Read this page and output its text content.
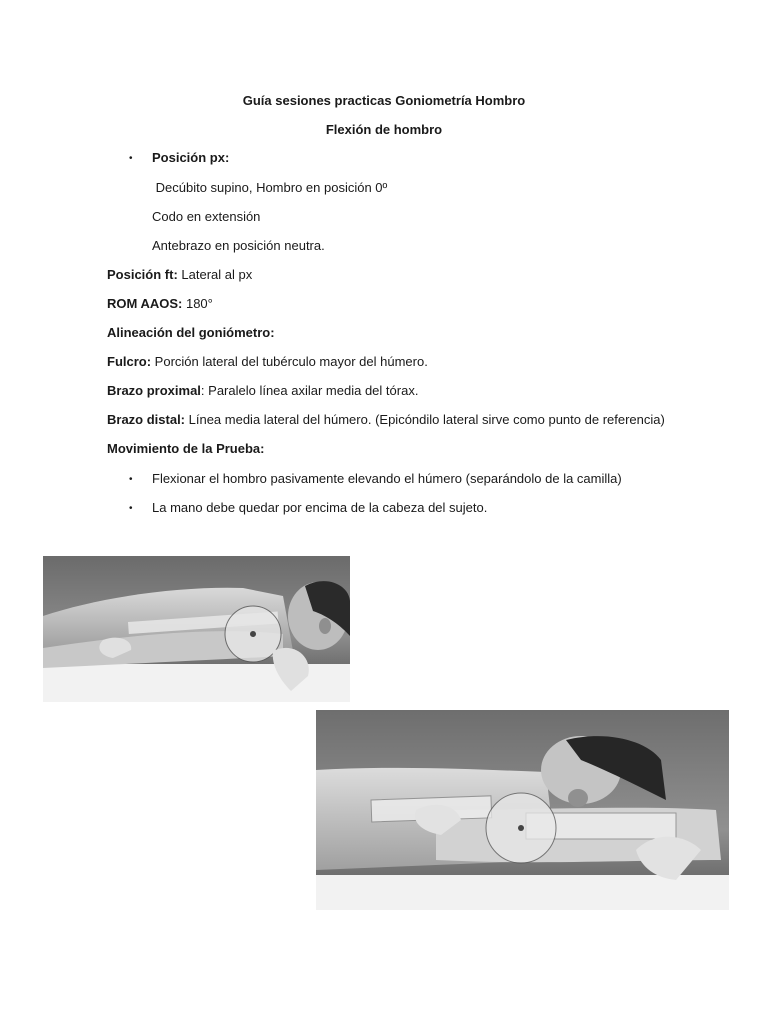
Guía sesiones practicas Goniometría Hombro
Flexión de hombro
• Posición px:
Decúbito supino, Hombro en posición 0º
Codo en extensión
Antebrazo en posición neutra.
Posición ft: Lateral al px
ROM AAOS: 180°
Alineación del goniómetro:
Fulcro: Porción lateral del tubérculo mayor del húmero.
Brazo proximal: Paralelo línea axilar media del tórax.
Brazo distal: Línea media lateral del húmero. (Epicóndilo lateral sirve como punto de referencia)
Movimiento de la Prueba:
• Flexionar el hombro pasivamente elevando el húmero (separándolo de la camilla)
• La mano debe quedar por encima de la cabeza del sujeto.
